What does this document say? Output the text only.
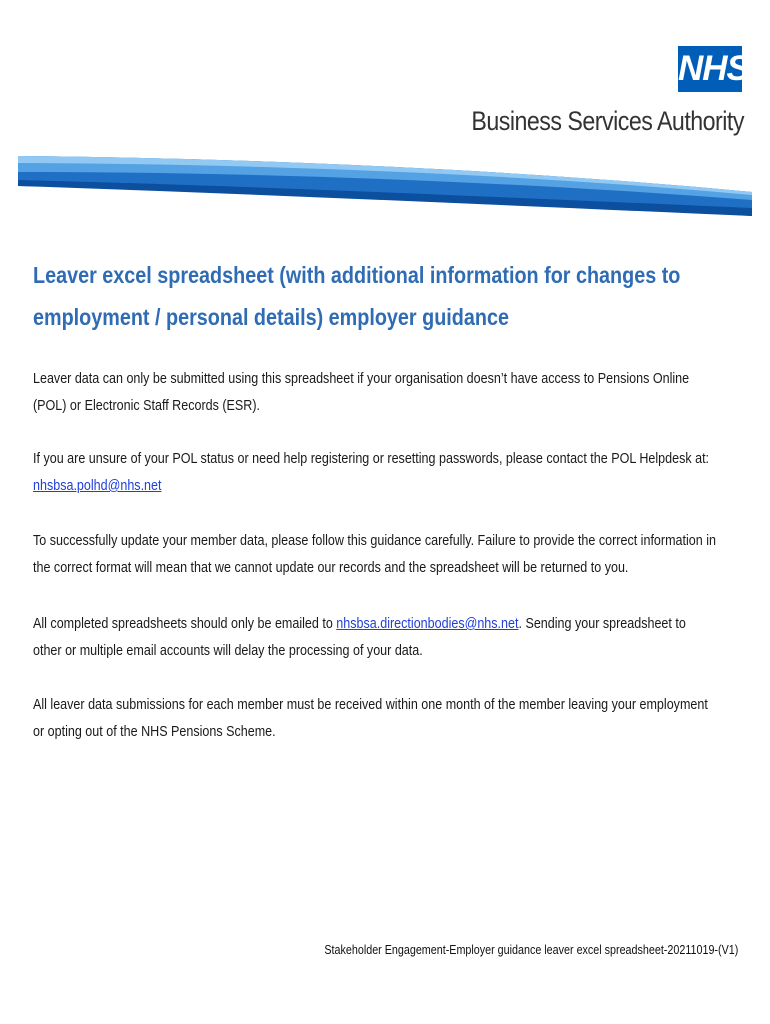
NHS
Business Services Authority
Leaver excel spreadsheet (with additional information for changes to employment / personal details) employer guidance

Leaver data can only be submitted using this spreadsheet if your organisation doesn’t have access to Pensions Online (POL) or Electronic Staff Records (ESR).

If you are unsure of your POL status or need help registering or resetting passwords, please contact the POL Helpdesk at:
nhsbsa.polhd@nhs.net

To successfully update your member data, please follow this guidance carefully. Failure to provide the correct information in the correct format will mean that we cannot update our records and the spreadsheet will be returned to you.

All completed spreadsheets should only be emailed to nhsbsa.directionbodies@nhs.net. Sending your spreadsheet to other or multiple email accounts will delay the processing of your data.

All leaver data submissions for each member must be received within one month of the member leaving your employment or opting out of the NHS Pensions Scheme.

Stakeholder Engagement-Employer guidance leaver excel spreadsheet-20211019-(V1)
